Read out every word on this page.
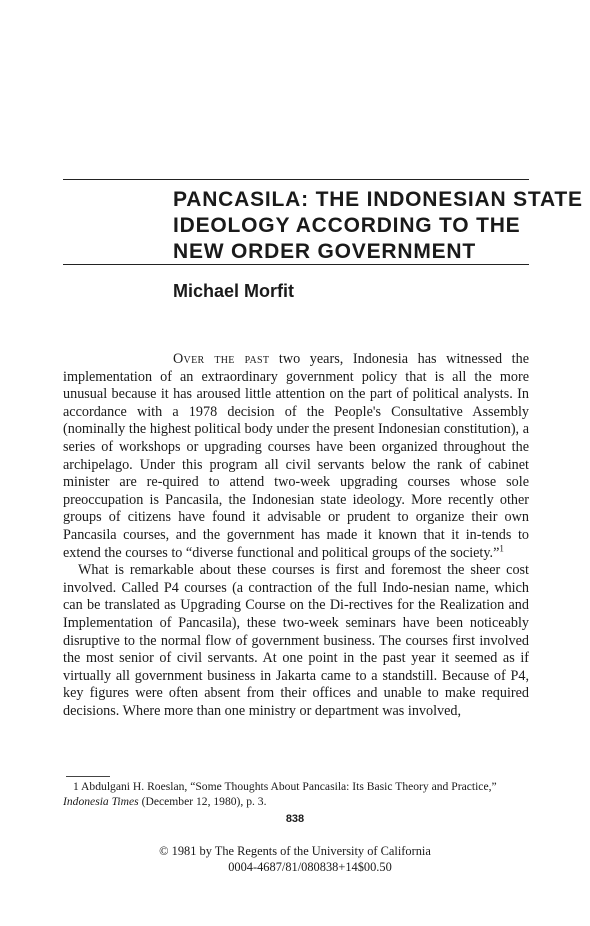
PANCASILA: THE INDONESIAN STATE
IDEOLOGY ACCORDING TO THE
NEW ORDER GOVERNMENT
Michael Morfit

Over the past two years, Indonesia has witnessed the implementation of an extraordinary government policy that is all the more unusual because it has aroused little attention on the part of political analysts. In accordance with a 1978 decision of the People's Consultative Assembly (nominally the highest political body under the present Indonesian constitution), a series of workshops or upgrading courses have been organized throughout the archipelago. Under this program all civil servants below the rank of cabinet minister are re-quired to attend two-week upgrading courses whose sole preoccupation is Pancasila, the Indonesian state ideology. More recently other groups of citizens have found it advisable or prudent to organize their own Pancasila courses, and the government has made it known that it in-tends to extend the courses to “diverse functional and political groups of the society.”$^1$

What is remarkable about these courses is first and foremost the sheer cost involved. Called P4 courses (a contraction of the full Indo-nesian name, which can be translated as Upgrading Course on the Di-rectives for the Realization and Implementation of Pancasila), these two-week seminars have been noticeably disruptive to the normal flow of government business. The courses first involved the most senior of civil servants. At one point in the past year it seemed as if virtually all government business in Jakarta came to a standstill. Because of P4, key figures were often absent from their offices and unable to make required decisions. Where more than one ministry or department was involved,

1 Abdulgani H. Roeslan, “Some Thoughts About Pancasila: Its Basic Theory and Practice,” Indonesia Times (December 12, 1980), p. 3.
838
© 1981 by The Regents of the University of California
0004-4687/81/080838+14$00.50
